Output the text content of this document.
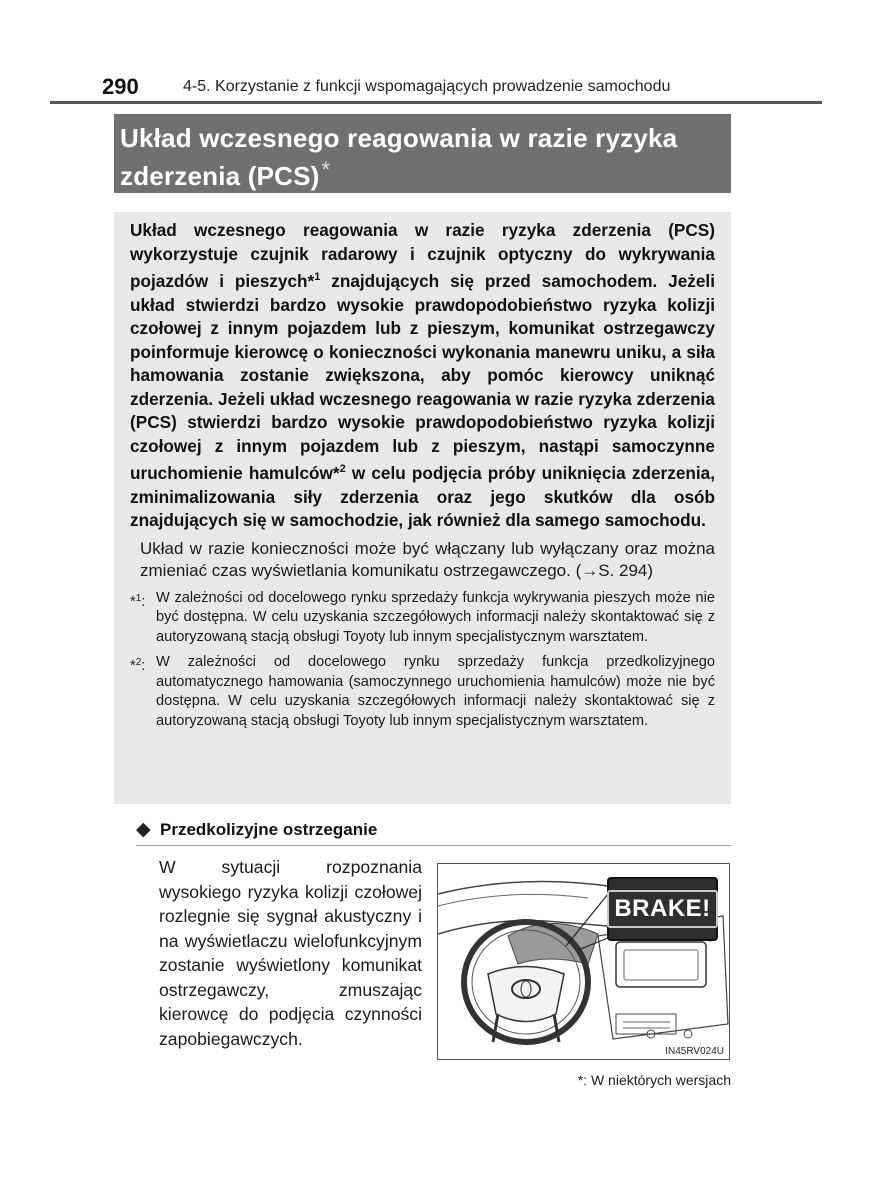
290	4-5. Korzystanie z funkcji wspomagających prowadzenie samochodu
Układ wczesnego reagowania w razie ryzyka zderzenia (PCS)*
Układ wczesnego reagowania w razie ryzyka zderzenia (PCS) wykorzystuje czujnik radarowy i czujnik optyczny do wykrywania pojazdów i pieszych*$^1$ znajdujących się przed samochodem. Jeżeli układ stwierdzi bardzo wysokie prawdopodobieństwo ryzyka kolizji czołowej z innym pojazdem lub z pieszym, komunikat ostrzegawczy poinformuje kierowcę o konieczności wykonania manewru uniku, a siła hamowania zostanie zwiększona, aby pomóc kierowcy uniknąć zderzenia. Jeżeli układ wczesnego reagowania w razie ryzyka zderzenia (PCS) stwierdzi bardzo wysokie prawdopodobieństwo ryzyka kolizji czołowej z innym pojazdem lub z pieszym, nastąpi samoczynne uruchomienie hamulców*$^2$ w celu podjęcia próby uniknięcia zderzenia, zminimalizowania siły zderzenia oraz jego skutków dla osób znajdujących się w samochodzie, jak również dla samego samochodu.
Układ w razie konieczności może być włączany lub wyłączany oraz można zmieniać czas wyświetlania komunikatu ostrzegawczego. (→S. 294)
*$^1$: W zależności od docelowego rynku sprzedaży funkcja wykrywania pieszych może nie być dostępna. W celu uzyskania szczegółowych informacji należy skontaktować się z autoryzowaną stacją obsługi Toyoty lub innym specjalistycznym warsztatem.
*$^2$: W zależności od docelowego rynku sprzedaży funkcja przedkolizyjnego automatycznego hamowania (samoczynnego uruchomienia hamulców) może nie być dostępna. W celu uzyskania szczegółowych informacji należy skontaktować się z autoryzowaną stacją obsługi Toyoty lub innym specjalistycznym warsztatem.
◆ Przedkolizyjne ostrzeganie
W sytuacji rozpoznania wysokiego ryzyka kolizji czołowej rozlegnie się sygnał akustyczny i na wyświetlaczu wielofunkcyjnym zostanie wyświetlony komunikat ostrzegawczy, zmuszając kierowcę do podjęcia czynności zapobiegawczych.
BRAKE!
IN45RV024U
*: W niektórych wersjach
